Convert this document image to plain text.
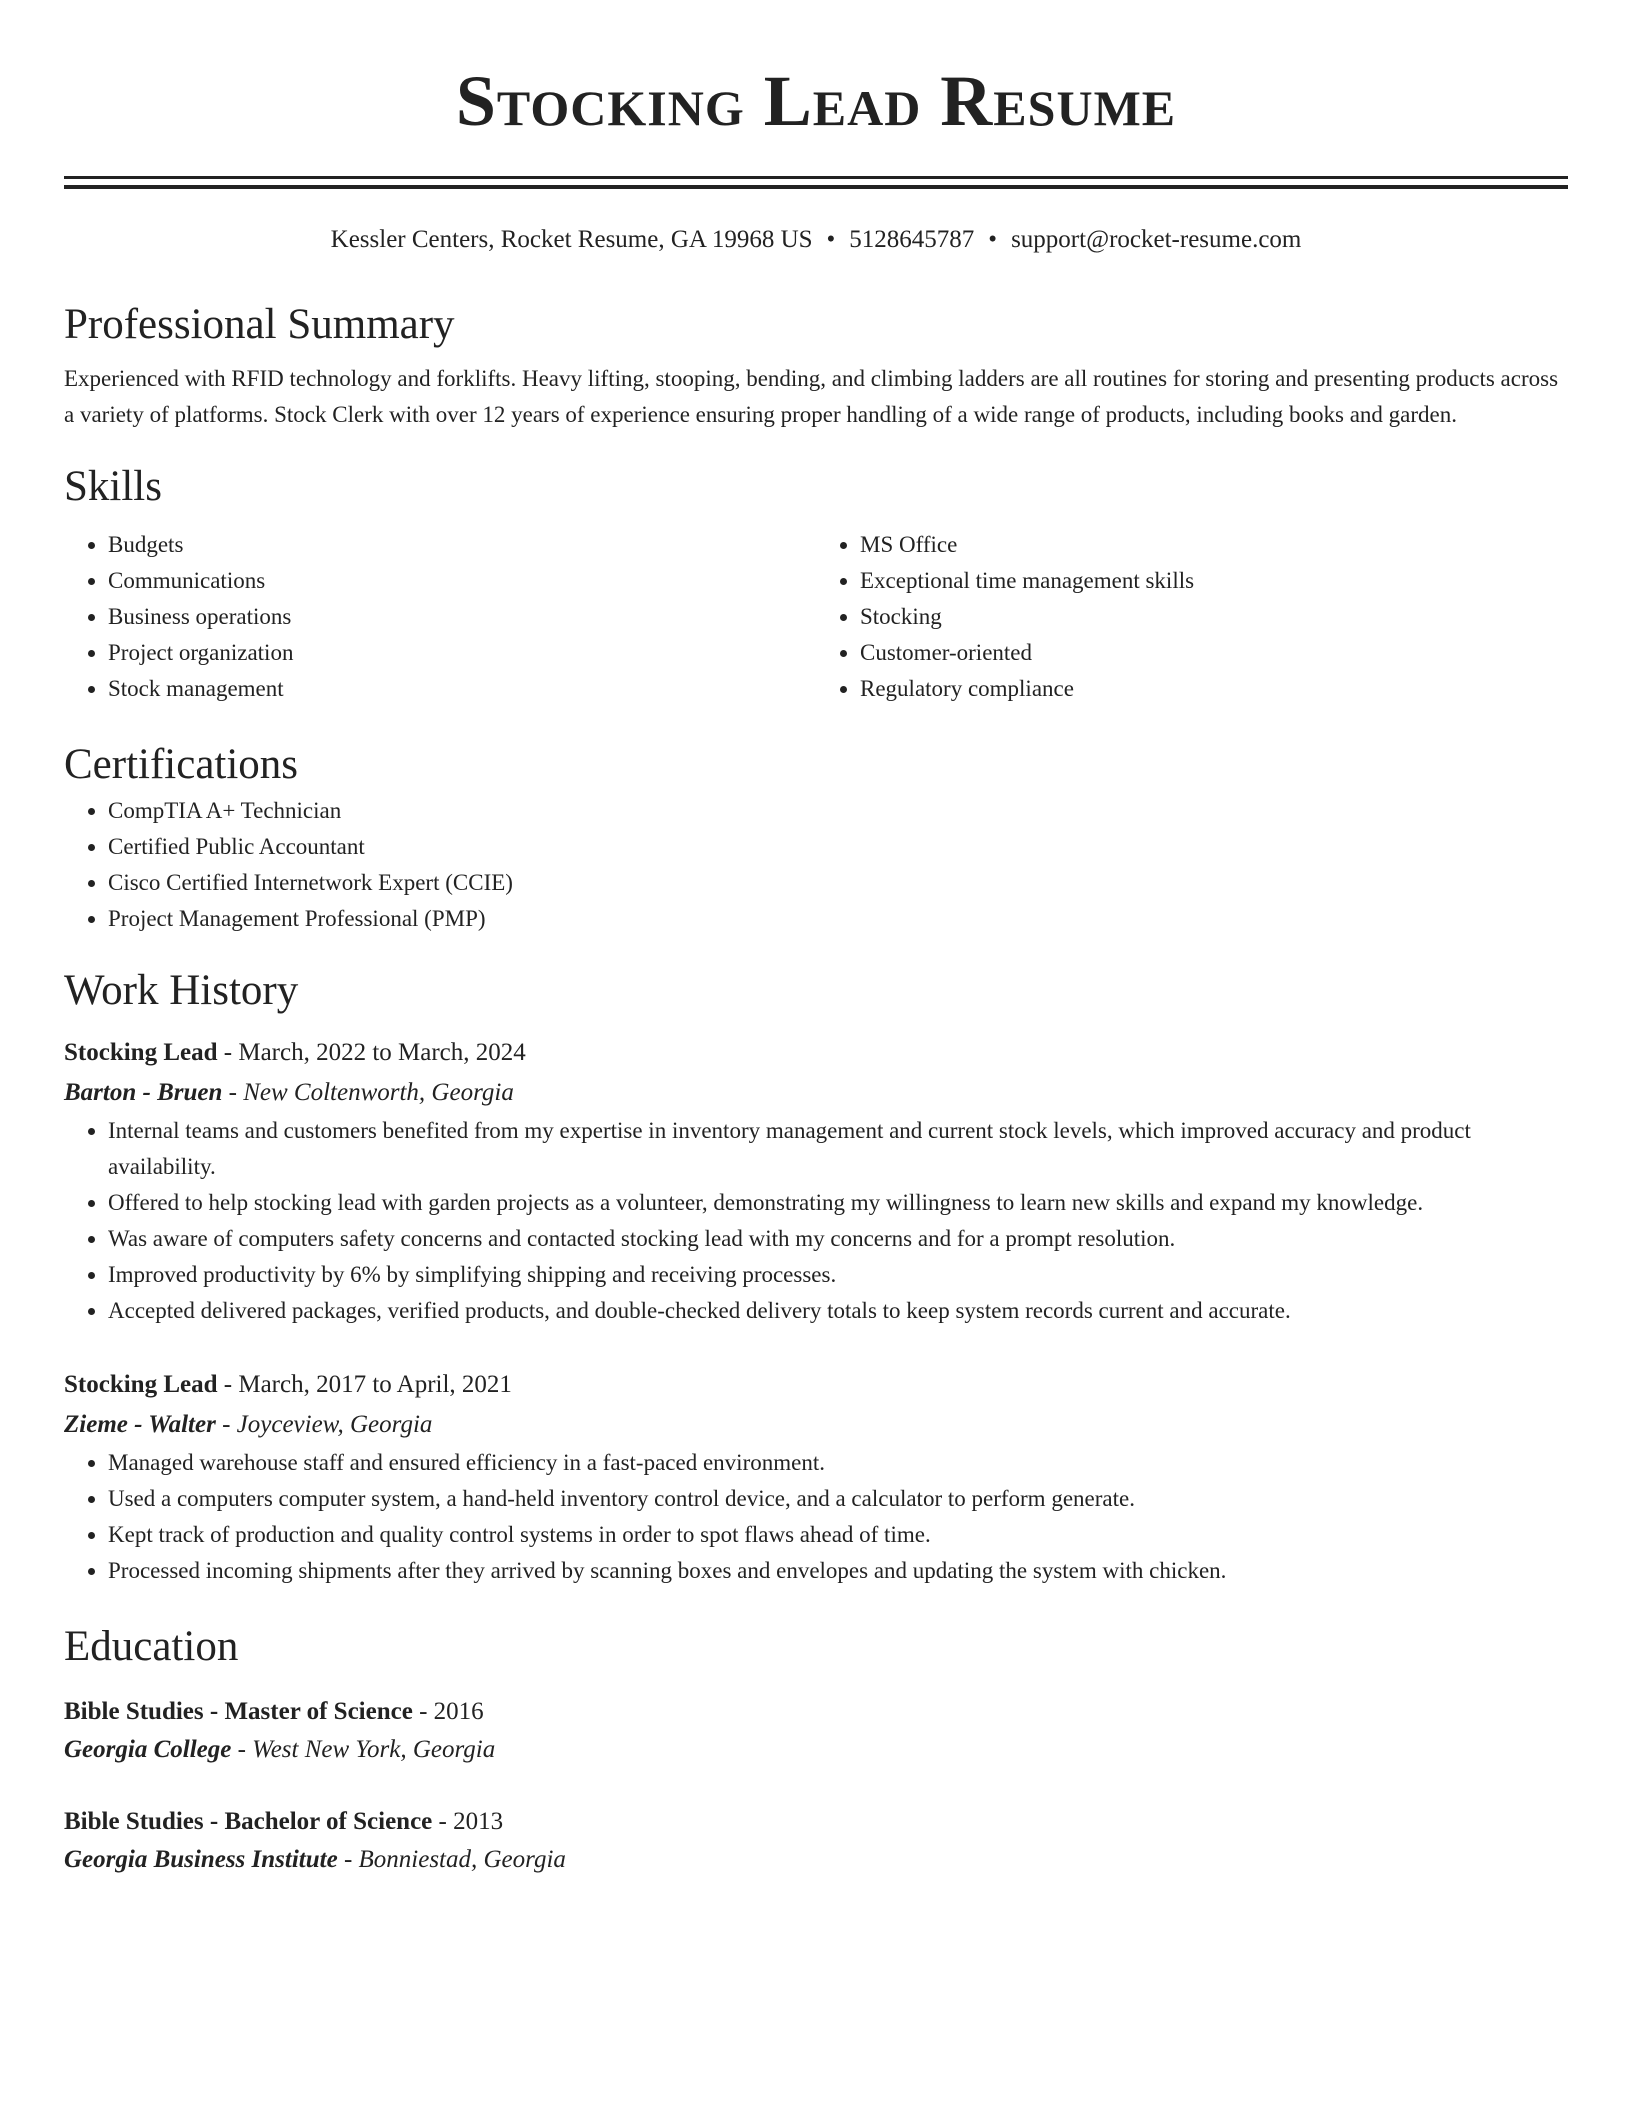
Stocking Lead Resume
Kessler Centers, Rocket Resume, GA 19968 US • 5128645787 • support@rocket-resume.com
Professional Summary
Experienced with RFID technology and forklifts. Heavy lifting, stooping, bending, and climbing ladders are all routines for storing and presenting products across a variety of platforms. Stock Clerk with over 12 years of experience ensuring proper handling of a wide range of products, including books and garden.
Skills
• Budgets
• Communications
• Business operations
• Project organization
• Stock management
• MS Office
• Exceptional time management skills
• Stocking
• Customer-oriented
• Regulatory compliance
Certifications
• CompTIA A+ Technician
• Certified Public Accountant
• Cisco Certified Internetwork Expert (CCIE)
• Project Management Professional (PMP)
Work History
Stocking Lead - March, 2022 to March, 2024
Barton - Bruen - New Coltenworth, Georgia
• Internal teams and customers benefited from my expertise in inventory management and current stock levels, which improved accuracy and product availability.
• Offered to help stocking lead with garden projects as a volunteer, demonstrating my willingness to learn new skills and expand my knowledge.
• Was aware of computers safety concerns and contacted stocking lead with my concerns and for a prompt resolution.
• Improved productivity by 6% by simplifying shipping and receiving processes.
• Accepted delivered packages, verified products, and double-checked delivery totals to keep system records current and accurate.
Stocking Lead - March, 2017 to April, 2021
Zieme - Walter - Joyceview, Georgia
• Managed warehouse staff and ensured efficiency in a fast-paced environment.
• Used a computers computer system, a hand-held inventory control device, and a calculator to perform generate.
• Kept track of production and quality control systems in order to spot flaws ahead of time.
• Processed incoming shipments after they arrived by scanning boxes and envelopes and updating the system with chicken.
Education
Bible Studies - Master of Science - 2016
Georgia College - West New York, Georgia
Bible Studies - Bachelor of Science - 2013
Georgia Business Institute - Bonniestad, Georgia
